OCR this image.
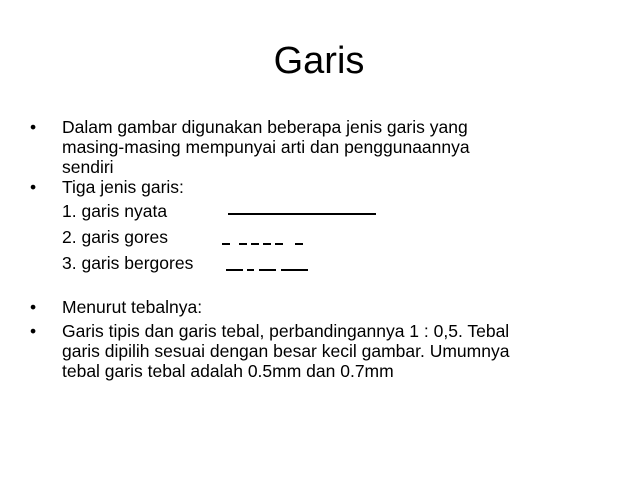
Garis
• Dalam gambar digunakan beberapa jenis garis yang
masing-masing mempunyai arti dan penggunaannya
sendiri
• Tiga jenis garis:
1. garis nyata
2. garis gores
3. garis bergores
• Menurut tebalnya:
• Garis tipis dan garis tebal, perbandingannya 1 : 0,5. Tebal
garis dipilih sesuai dengan besar kecil gambar. Umumnya
tebal garis tebal adalah 0.5mm dan 0.7mm
